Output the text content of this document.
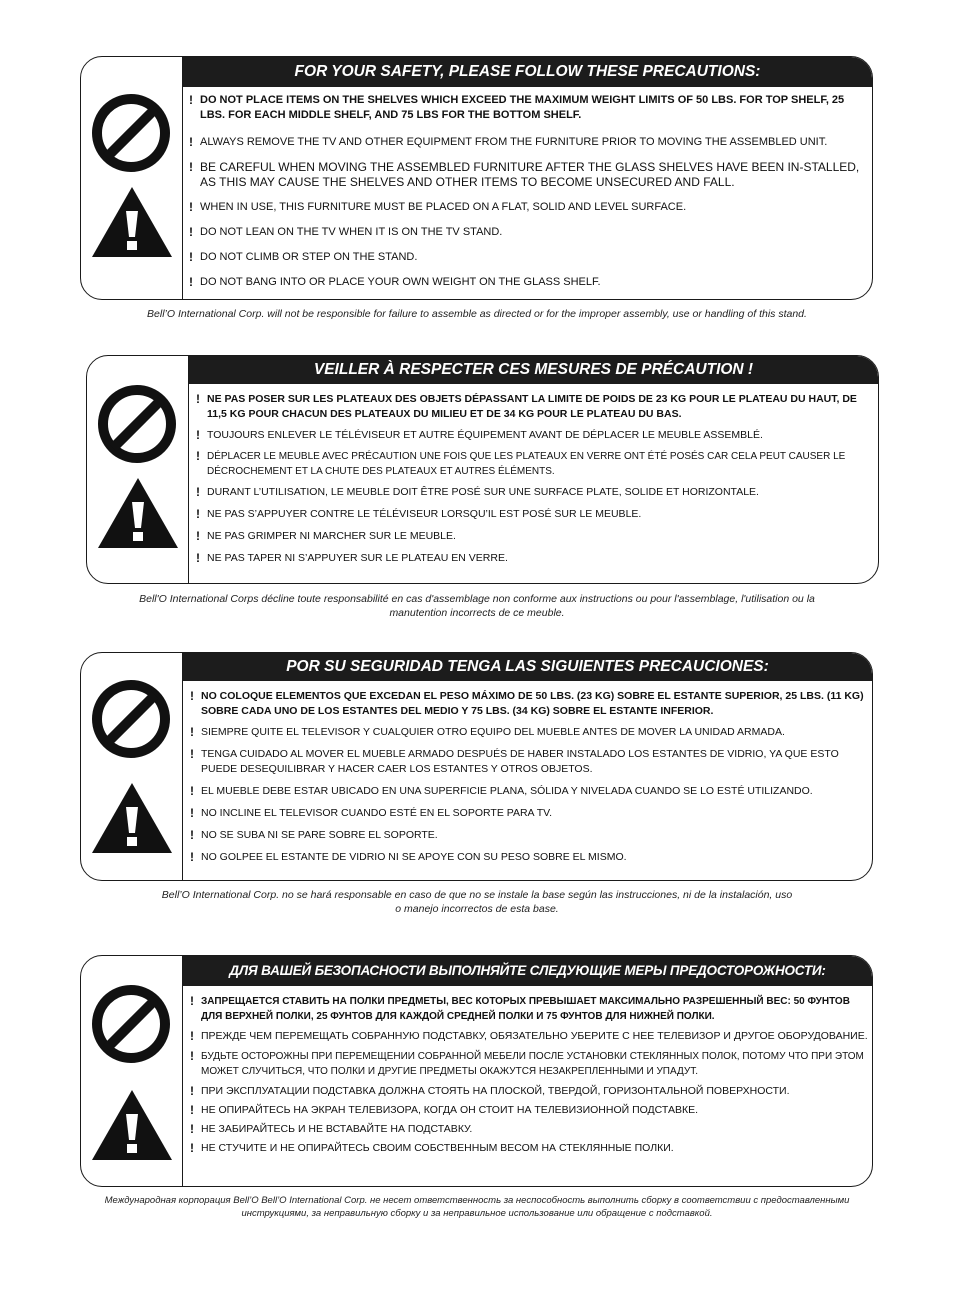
FOR YOUR SAFETY, PLEASE FOLLOW THESE PRECAUTIONS:
! DO NOT PLACE ITEMS ON THE SHELVES WHICH EXCEED THE MAXIMUM WEIGHT LIMITS OF 50 LBS. FOR TOP SHELF, 25 LBS. FOR EACH MIDDLE SHELF, AND 75 LBS FOR THE BOTTOM SHELF.
! ALWAYS REMOVE THE TV AND OTHER EQUIPMENT FROM THE FURNITURE PRIOR TO MOVING THE ASSEMBLED UNIT.
! BE CAREFUL WHEN MOVING THE ASSEMBLED FURNITURE AFTER THE GLASS SHELVES HAVE BEEN IN-STALLED, AS THIS MAY CAUSE THE SHELVES AND OTHER ITEMS TO BECOME UNSECURED AND FALL.
! WHEN IN USE, THIS FURNITURE MUST BE PLACED ON A FLAT, SOLID AND LEVEL SURFACE.
! DO NOT LEAN ON THE TV WHEN IT IS ON THE TV STAND.
! DO NOT CLIMB OR STEP ON THE STAND.
! DO NOT BANG INTO OR PLACE YOUR OWN WEIGHT ON THE GLASS SHELF.
Bell’O International Corp. will not be responsible for failure to assemble as directed or for the improper assembly, use or handling of this stand.
VEILLER À RESPECTER CES MESURES DE PRÉCAUTION !
! NE PAS POSER SUR LES PLATEAUX DES OBJETS DÉPASSANT LA LIMITE DE POIDS DE 23 KG POUR LE PLATEAU DU HAUT, DE 11,5 KG POUR CHACUN DES PLATEAUX DU MILIEU ET DE 34 KG POUR LE PLATEAU DU BAS.
! TOUJOURS ENLEVER LE TÉLÉVISEUR ET AUTRE ÉQUIPEMENT AVANT DE DÉPLACER LE MEUBLE ASSEMBLÉ.
! DÉPLACER LE MEUBLE AVEC PRÉCAUTION UNE FOIS QUE LES PLATEAUX EN VERRE ONT ÉTÉ POSÉS CAR CELA PEUT CAUSER LE DÉCROCHEMENT ET LA CHUTE DES PLATEAUX ET AUTRES ÉLÉMENTS.
! DURANT L’UTILISATION, LE MEUBLE DOIT ÊTRE POSÉ SUR UNE SURFACE PLATE, SOLIDE ET HORIZONTALE.
! NE PAS S’APPUYER CONTRE LE TÉLÉVISEUR LORSQU’IL EST POSÉ SUR LE MEUBLE.
! NE PAS GRIMPER NI MARCHER SUR LE MEUBLE.
! NE PAS TAPER NI S’APPUYER SUR LE PLATEAU EN VERRE.
Bell'O International Corps décline toute responsabilité en cas d'assemblage non conforme aux instructions ou pour l'assemblage, l'utilisation ou la manutention incorrects de ce meuble.
POR SU SEGURIDAD TENGA LAS SIGUIENTES PRECAUCIONES:
! NO COLOQUE ELEMENTOS QUE EXCEDAN EL PESO MÁXIMO DE 50 LBS. (23 KG) SOBRE EL ESTANTE SUPERIOR, 25 LBS. (11 KG) SOBRE CADA UNO DE LOS ESTANTES DEL MEDIO Y 75 LBS. (34 KG) SOBRE EL ESTANTE INFERIOR.
! SIEMPRE QUITE EL TELEVISOR Y CUALQUIER OTRO EQUIPO DEL MUEBLE ANTES DE MOVER LA UNIDAD ARMADA.
! TENGA CUIDADO AL MOVER EL MUEBLE ARMADO DESPUÉS DE HABER INSTALADO LOS ESTANTES DE VIDRIO, YA QUE ESTO PUEDE DESEQUILIBRAR Y HACER CAER LOS ESTANTES Y OTROS OBJETOS.
! EL MUEBLE DEBE ESTAR UBICADO EN UNA SUPERFICIE PLANA, SÓLIDA Y NIVELADA CUANDO SE LO ESTÉ UTILIZANDO.
! NO INCLINE EL TELEVISOR CUANDO ESTÉ EN EL SOPORTE PARA TV.
! NO SE SUBA NI SE PARE SOBRE EL SOPORTE.
! NO GOLPEE EL ESTANTE DE VIDRIO NI SE APOYE CON SU PESO SOBRE EL MISMO.
Bell’O International Corp. no se hará responsable en caso de que no se instale la base según las instrucciones, ni de la instalación, uso o manejo incorrectos de esta base.
ДЛЯ ВАШЕЙ БЕЗОПАСНОСТИ ВЫПОЛНЯЙТЕ СЛЕДУЮЩИЕ МЕРЫ ПРЕДОСТОРОЖНОСТИ:
! ЗАПРЕЩАЕТСЯ СТАВИТЬ НА ПОЛКИ ПРЕДМЕТЫ, ВЕС КОТОРЫХ ПРЕВЫШАЕТ МАКСИМАЛЬНО РАЗРЕШЕННЫЙ ВЕС: 50 ФУНТОВ ДЛЯ ВЕРХНЕЙ ПОЛКИ, 25 ФУНТОВ ДЛЯ КАЖДОЙ СРЕДНЕЙ ПОЛКИ И 75 ФУНТОВ ДЛЯ НИЖНЕЙ ПОЛКИ.
! ПРЕЖДЕ ЧЕМ ПЕРЕМЕЩАТЬ СОБРАННУЮ ПОДСТАВКУ, ОБЯЗАТЕЛЬНО УБЕРИТЕ С НЕЕ ТЕЛЕВИЗОР И ДРУГОЕ ОБОРУДОВАНИЕ.
! БУДЬТЕ ОСТОРОЖНЫ ПРИ ПЕРЕМЕЩЕНИИ СОБРАННОЙ МЕБЕЛИ ПОСЛЕ УСТАНОВКИ СТЕКЛЯННЫХ ПОЛОК, ПОТОМУ ЧТО ПРИ ЭТОМ МОЖЕТ СЛУЧИТЬСЯ, ЧТО ПОЛКИ И ДРУГИЕ ПРЕДМЕТЫ ОКАЖУТСЯ НЕЗАКРЕПЛЕННЫМИ И УПАДУТ.
! ПРИ ЭКСПЛУАТАЦИИ ПОДСТАВКА ДОЛЖНА СТОЯТЬ НА ПЛОСКОЙ, ТВЕРДОЙ, ГОРИЗОНТАЛЬНОЙ ПОВЕРХНОСТИ.
! НЕ ОПИРАЙТЕСЬ НА ЭКРАН ТЕЛЕВИЗОРА, КОГДА ОН СТОИТ НА ТЕЛЕВИЗИОННОЙ ПОДСТАВКЕ.
! НЕ ЗАБИРАЙТЕСЬ И НЕ ВСТАВАЙТЕ НА ПОДСТАВКУ.
! НЕ СТУЧИТЕ И НЕ ОПИРАЙТЕСЬ СВОИМ СОБСТВЕННЫМ ВЕСОМ НА СТЕКЛЯННЫЕ ПОЛКИ.
Международная корпорация Bell’O Bell’O International Corp. не несет ответственность за неспособность выполнить сборку в соответствии с предоставленными инструкциями, за неправильную сборку и за неправильное использование или обращение с подставкой.
